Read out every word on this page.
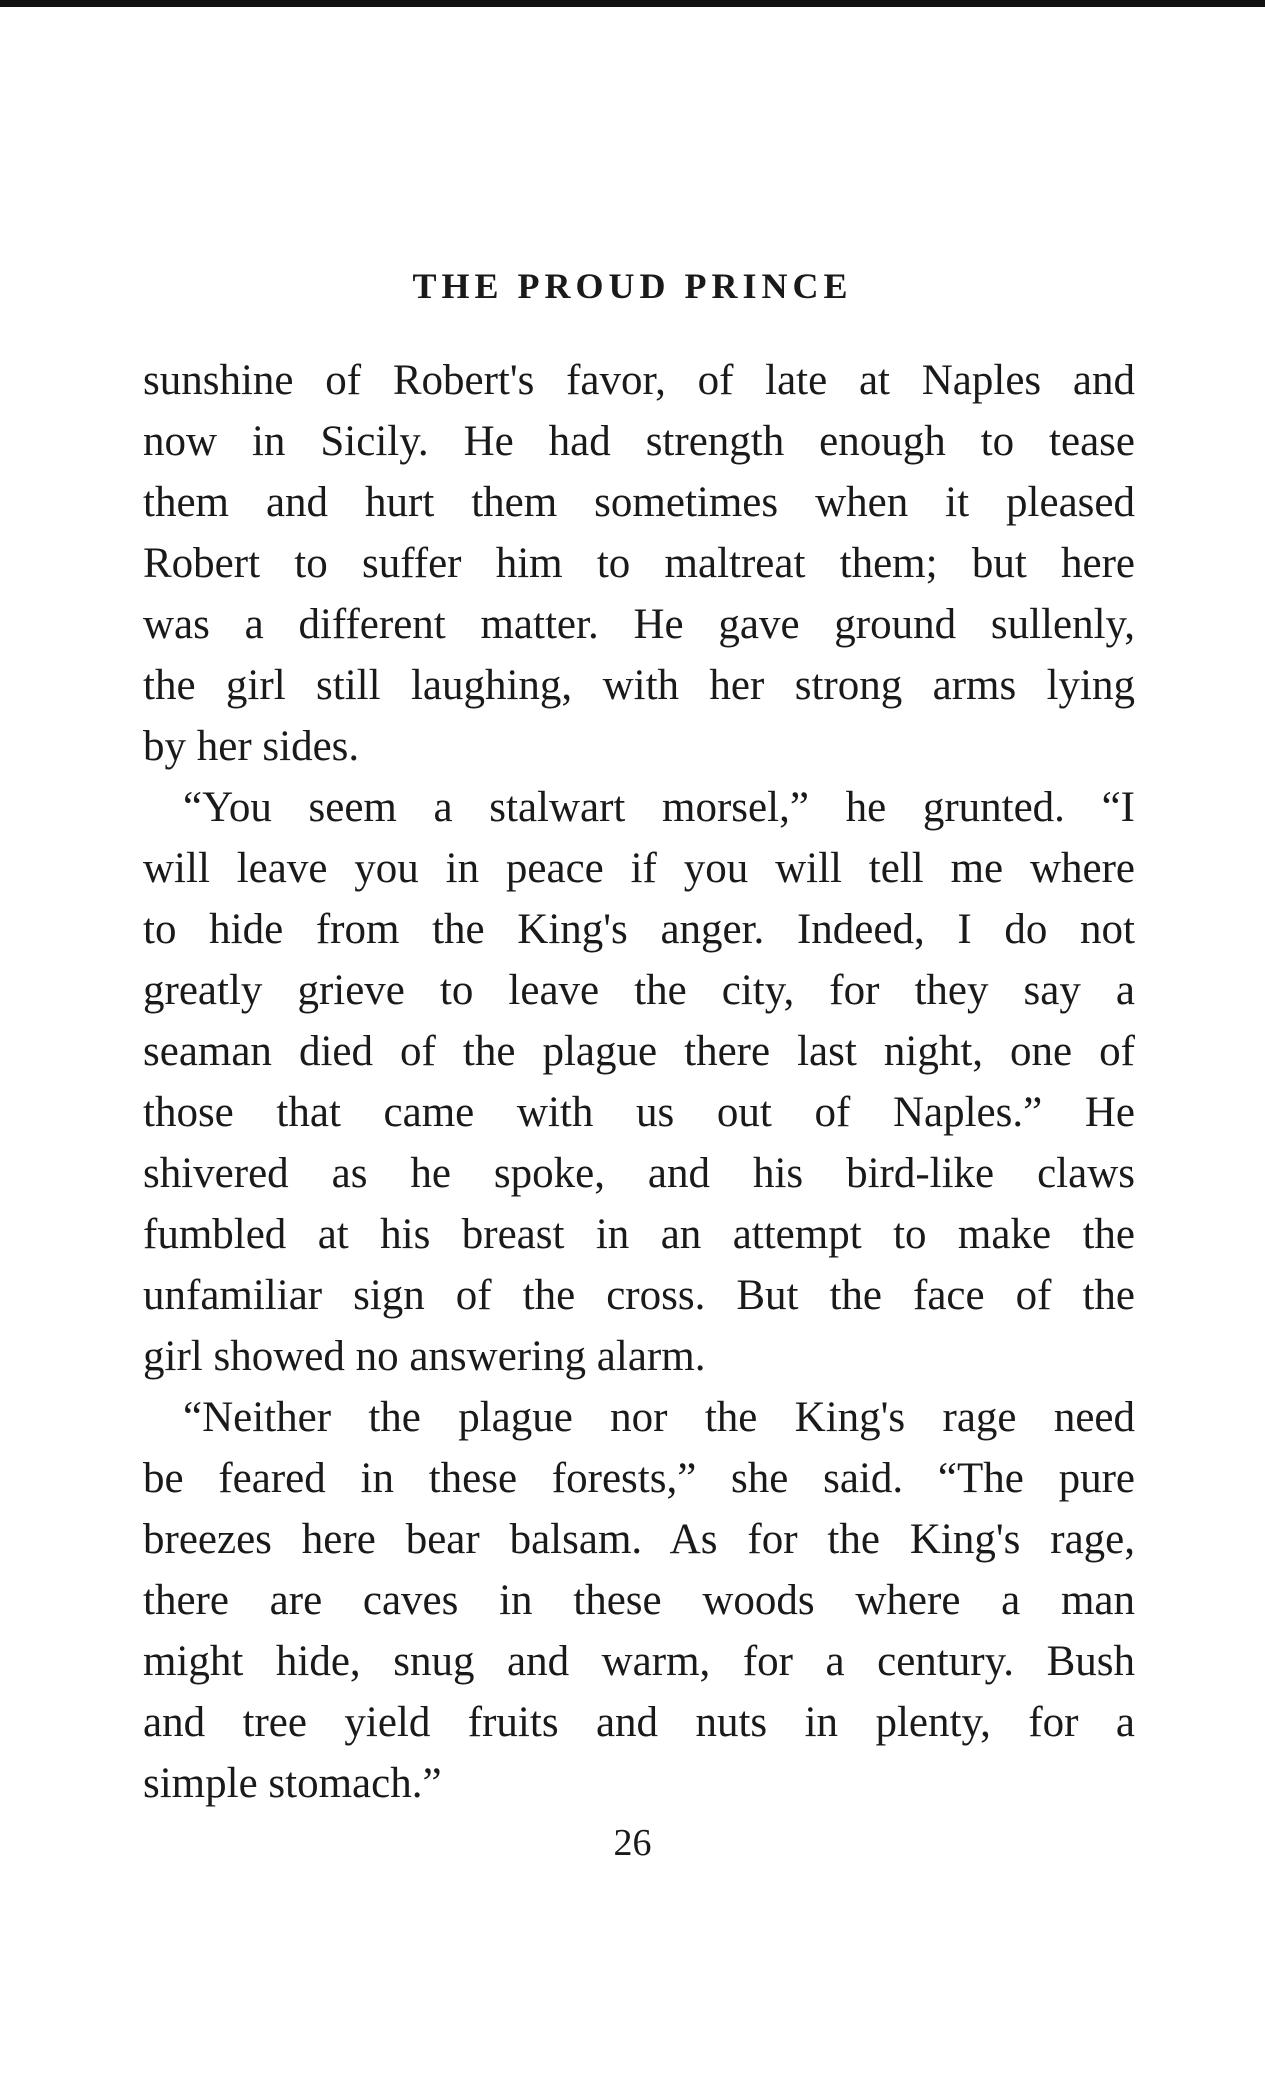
THE PROUD PRINCE
sunshine of Robert's favor, of late at Naples and
now in Sicily. He had strength enough to tease
them and hurt them sometimes when it pleased
Robert to suffer him to maltreat them; but here
was a different matter. He gave ground sullenly,
the girl still laughing, with her strong arms lying
by her sides.
“You seem a stalwart morsel,” he grunted. “I
will leave you in peace if you will tell me where
to hide from the King's anger. Indeed, I do not
greatly grieve to leave the city, for they say a
seaman died of the plague there last night, one of
those that came with us out of Naples.” He
shivered as he spoke, and his bird-like claws
fumbled at his breast in an attempt to make the
unfamiliar sign of the cross. But the face of the
girl showed no answering alarm.
“Neither the plague nor the King's rage need
be feared in these forests,” she said. “The pure
breezes here bear balsam. As for the King's rage,
there are caves in these woods where a man
might hide, snug and warm, for a century. Bush
and tree yield fruits and nuts in plenty, for a
simple stomach.”
26
